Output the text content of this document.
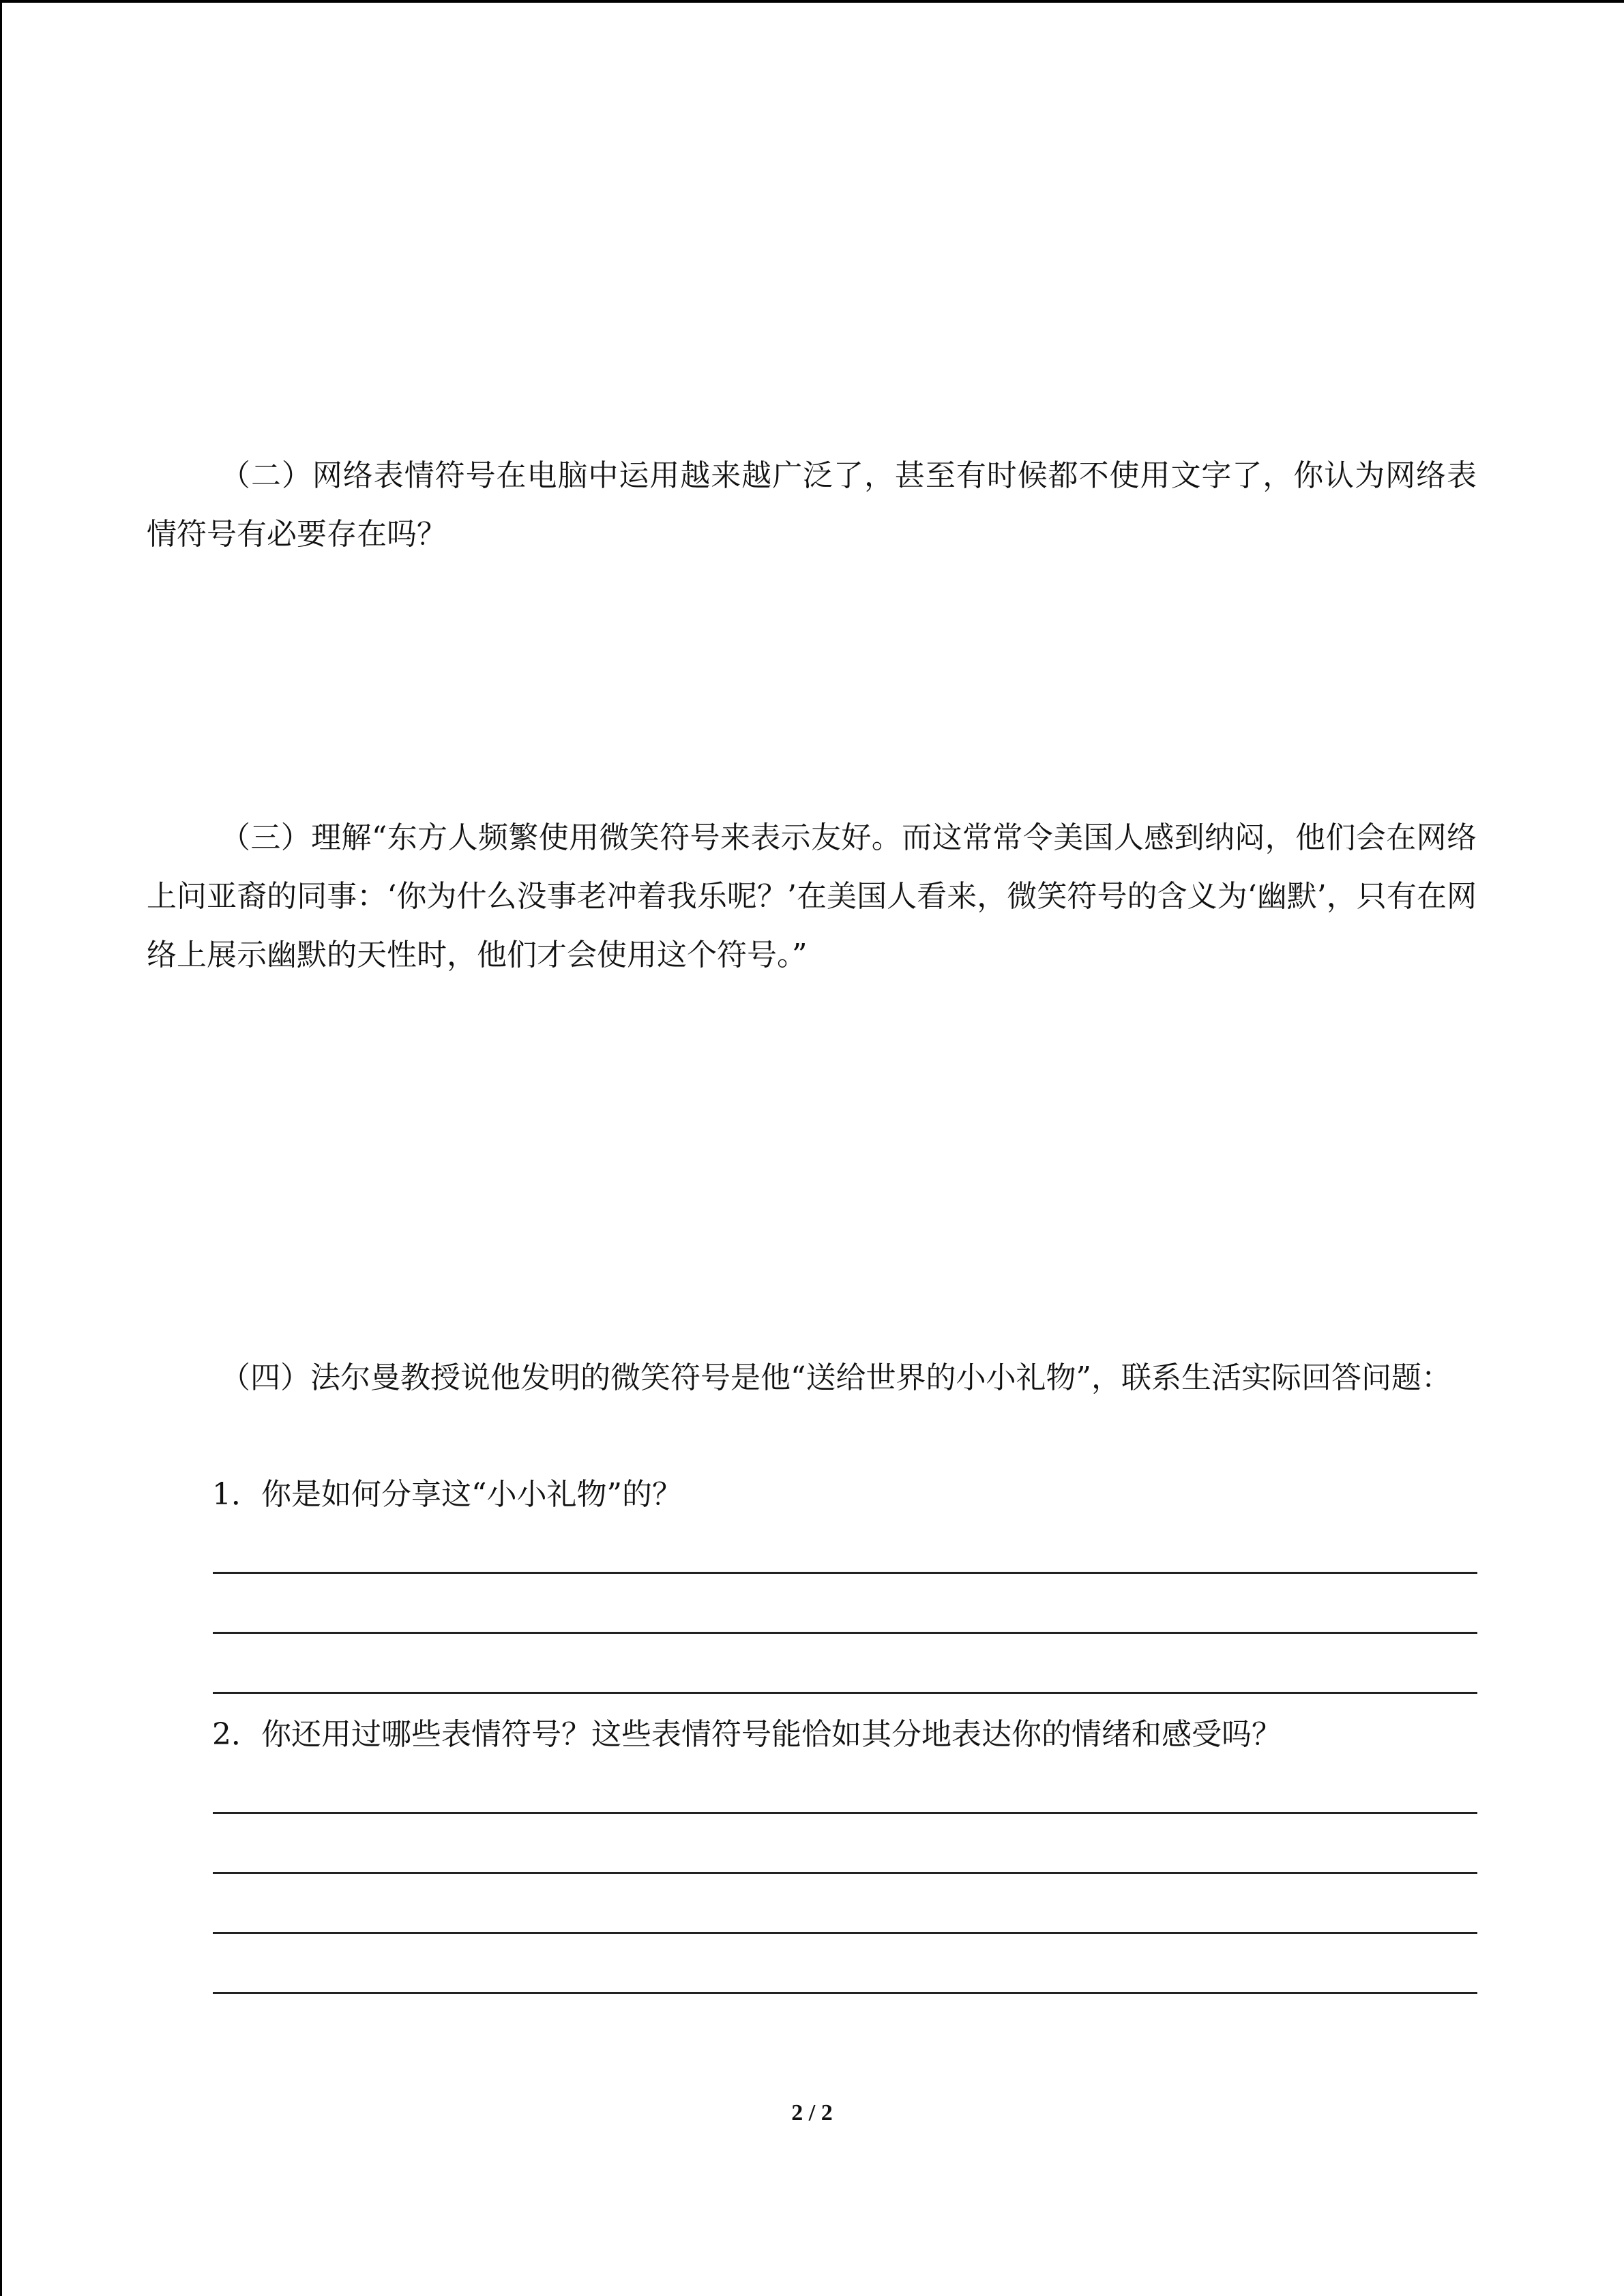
（二）网络表情符号在电脑中运用越来越广泛了，甚至有时候都不使用文字了，你认为网络表情符号有必要存在吗？

（三）理解“东方人频繁使用微笑符号来表示友好。而这常常令美国人感到纳闷，他们会在网络上问亚裔的同事：‘你为什么没事老冲着我乐呢？’在美国人看来，微笑符号的含义为‘幽默’，只有在网络上展示幽默的天性时，他们才会使用这个符号。”

（四）法尔曼教授说他发明的微笑符号是他“送给世界的小小礼物”，联系生活实际回答问题：

1．你是如何分享这“小小礼物”的？

2．你还用过哪些表情符号？这些表情符号能恰如其分地表达你的情绪和感受吗？

2 / 2
